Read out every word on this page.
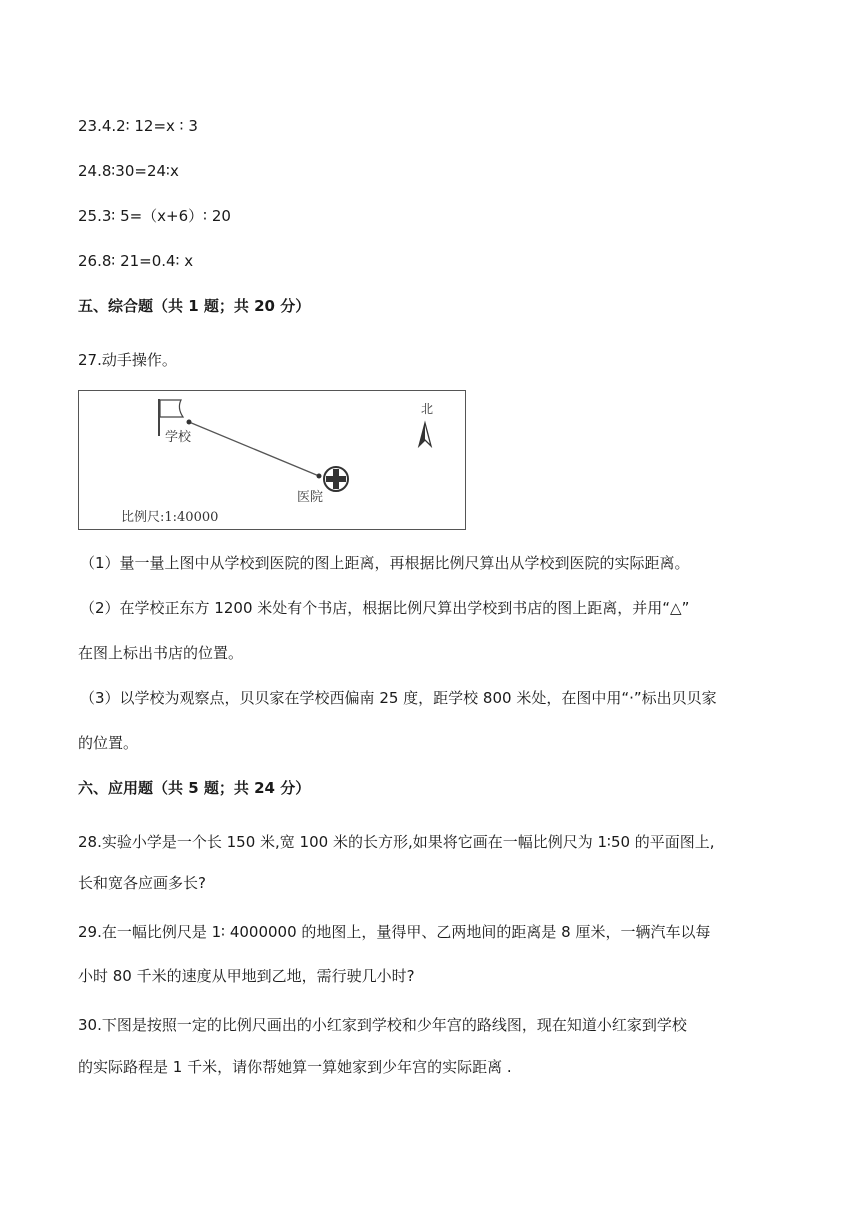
23.4.2∶ 12=x ∶ 3
24.8∶30=24∶x
25.3∶ 5=（x+6）∶ 20
26.8∶ 21=0.4∶ x
五、综合题（共 1 题；共 20 分）
27.动手操作。
北
学校
医院
比例尺:1:40000
（1）量一量上图中从学校到医院的图上距离，再根据比例尺算出从学校到医院的实际距离。
（2）在学校正东方 1200 米处有个书店，根据比例尺算出学校到书店的图上距离，并用“△”
在图上标出书店的位置。
（3）以学校为观察点，贝贝家在学校西偏南 25 度，距学校 800 米处，在图中用“·”标出贝贝家
的位置。
六、应用题（共 5 题；共 24 分）
28.实验小学是一个长 150 米,宽 100 米的长方形,如果将它画在一幅比例尺为 1∶50 的平面图上,
长和宽各应画多长?
29.在一幅比例尺是 1∶ 4000000 的地图上，量得甲、乙两地间的距离是 8 厘米，一辆汽车以每
小时 80 千米的速度从甲地到乙地，需行驶几小时?
30.下图是按照一定的比例尺画出的小红家到学校和少年宫的路线图，现在知道小红家到学校
的实际路程是 1 千米，请你帮她算一算她家到少年宫的实际距离 .
